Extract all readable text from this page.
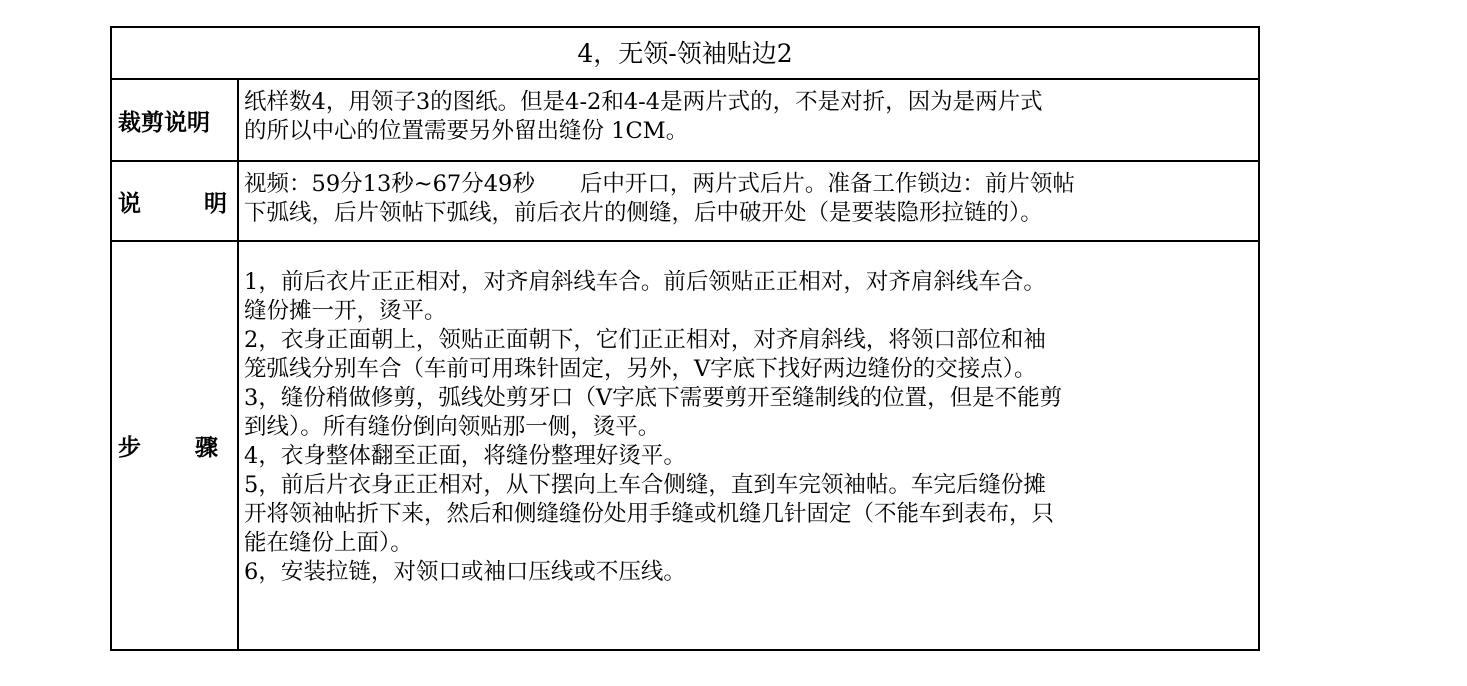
4，无领-领袖贴边2
裁剪说明
纸样数4，用领子3的图纸。但是4-2和4-4是两片式的，不是对折，因为是两片式
的所以中心的位置需要另外留出缝份 1CM。
说	明
视频：59分13秒~67分49秒　　后中开口，两片式后片。准备工作锁边：前片领帖
下弧线，后片领帖下弧线，前后衣片的侧缝，后中破开处（是要装隐形拉链的）。
步 骤
1，前后衣片正正相对，对齐肩斜线车合。前后领贴正正相对，对齐肩斜线车合。
缝份摊一开，烫平。
2，衣身正面朝上，领贴正面朝下，它们正正相对，对齐肩斜线，将领口部位和袖
笼弧线分别车合（车前可用珠针固定，另外，V字底下找好两边缝份的交接点）。
3，缝份稍做修剪，弧线处剪牙口（V字底下需要剪开至缝制线的位置，但是不能剪
到线）。所有缝份倒向领贴那一侧，烫平。
4，衣身整体翻至正面，将缝份整理好烫平。
5，前后片衣身正正相对，从下摆向上车合侧缝，直到车完领袖帖。车完后缝份摊
开将领袖帖折下来，然后和侧缝缝份处用手缝或机缝几针固定（不能车到表布，只
能在缝份上面）。
6，安装拉链，对领口或袖口压线或不压线。
